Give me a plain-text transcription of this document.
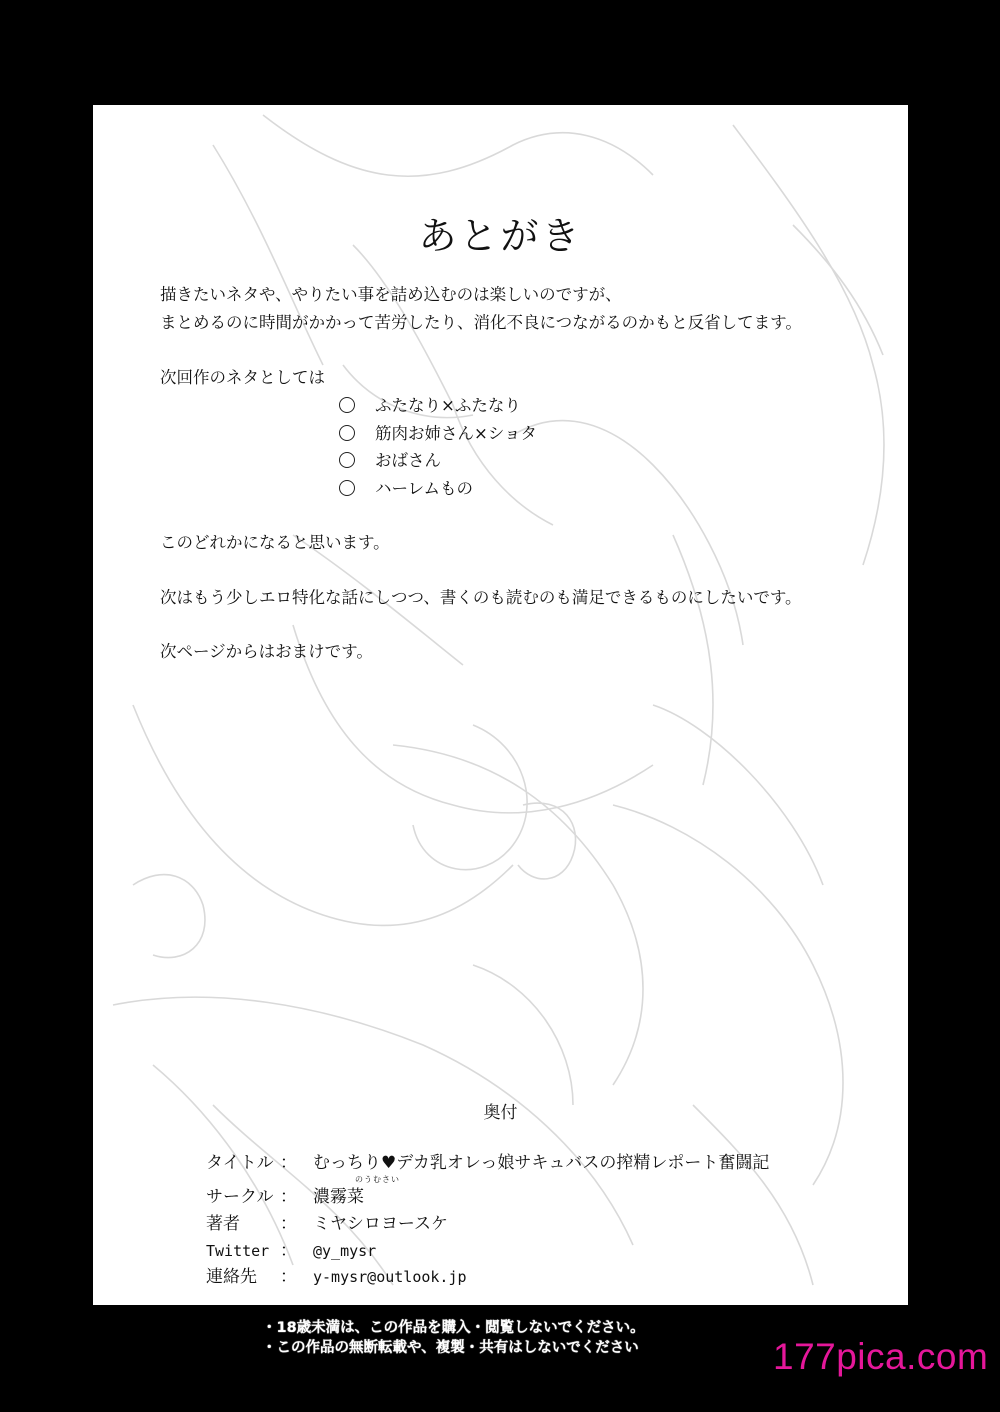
あとがき
描きたいネタや、やりたい事を詰め込むのは楽しいのですが、
まとめるのに時間がかかって苦労したり、消化不良につながるのかもと反省してます。
次回作のネタとしては
ふたなり×ふたなり
筋肉お姉さん×ショタ
おばさん
ハーレムもの
このどれかになると思います。
次はもう少しエロ特化な話にしつつ、書くのも読むのも満足できるものにしたいです。
次ページからはおまけです。
奥付
タイトル ： むっちり♥デカ乳オレっ娘サキュバスの搾精レポート奮闘記
のうむさい
サークル ： 濃霧菜
著者 ： ミヤシロヨースケ
Twitter ： @y_mysr
連絡先 ： y-mysr@outlook.jp
・18歳未満は、この作品を購入・閲覧しないでください。
・この作品の無断転載や、複製・共有はしないでください	177pica.com
